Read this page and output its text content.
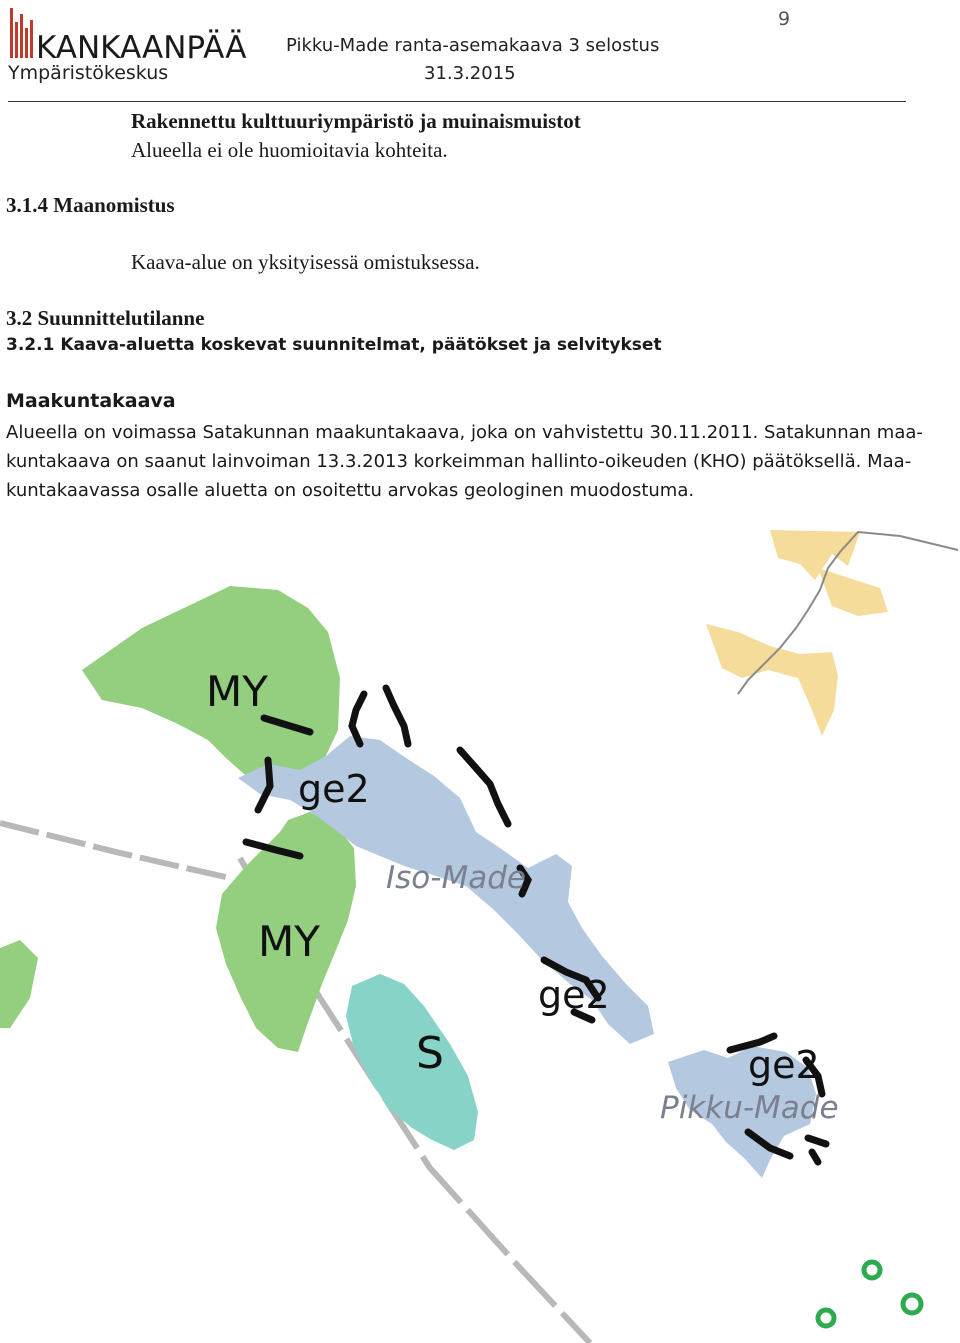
KANKAANPÄÄ
Ympäristökeskus
Pikku-Made ranta-asemakaava 3 selostus
31.3.2015
9
Rakennettu kulttuuriympäristö ja muinaismuistot
Alueella ei ole huomioitavia kohteita.
3.1.4 Maanomistus
Kaava-alue on yksityisessä omistuksessa.
3.2 Suunnittelutilanne
3.2.1 Kaava-aluetta koskevat suunnitelmat, päätökset ja selvitykset
Maakuntakaava
Alueella on voimassa Satakunnan maakuntakaava, joka on vahvistettu 30.11.2011. Satakunnan maa-
kuntakaava on saanut lainvoiman 13.3.2013 korkeimman hallinto-oikeuden (KHO) päätöksellä. Maa-
kuntakaavassa osalle aluetta on osoitettu arvokas geologinen muodostuma.
MY
ge2
Iso-Made
MY
ge2
S	ge2
Pikku-Made
